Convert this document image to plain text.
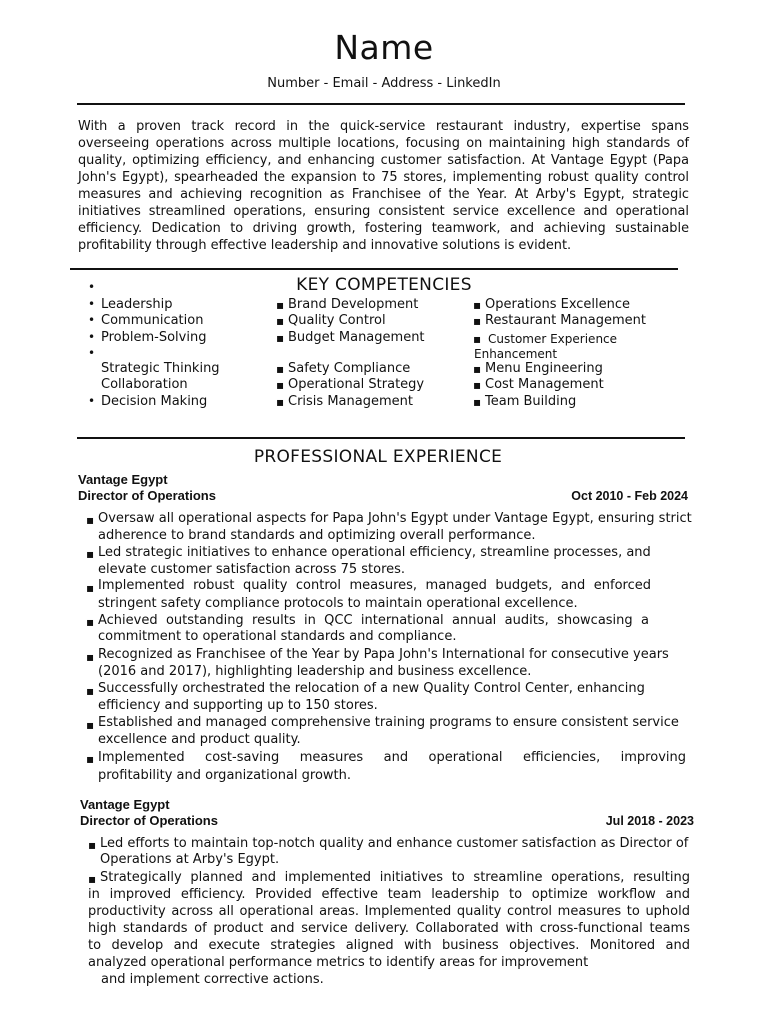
Name
Number - Email - Address - LinkedIn
With a proven track record in the quick-service restaurant industry, expertise spans overseeing operations across multiple locations, focusing on maintaining high standards of quality, optimizing efficiency, and enhancing customer satisfaction. At Vantage Egypt (Papa John's Egypt), spearheaded the expansion to 75 stores, implementing robust quality control measures and achieving recognition as Franchisee of the Year. At Arby's Egypt, strategic initiatives streamlined operations, ensuring consistent service excellence and operational efficiency. Dedication to driving growth, fostering teamwork, and achieving sustainable profitability through effective leadership and innovative solutions is evident.
KEY COMPETENCIES
•
• Leadership
• Communication
• Problem-Solving
•
Strategic Thinking
Collaboration
• Decision Making
▪ Brand Development
▪ Quality Control
▪ Budget Management
▪ Safety Compliance
▪ Operational Strategy
▪ Crisis Management
▪ Operations Excellence
▪ Restaurant Management
▪ Customer Experience
Enhancement
▪ Menu Engineering
▪ Cost Management
▪ Team Building
PROFESSIONAL EXPERIENCE
Vantage Egypt
Director of Operations	Oct 2010 - Feb 2024
▪ Oversaw all operational aspects for Papa John's Egypt under Vantage Egypt, ensuring strict
adherence to brand standards and optimizing overall performance.
▪ Led strategic initiatives to enhance operational efficiency, streamline processes, and
elevate customer satisfaction across 75 stores.
▪ Implemented robust quality control measures, managed budgets, and enforced
stringent safety compliance protocols to maintain operational excellence.
▪ Achieved outstanding results in QCC international annual audits, showcasing a
commitment to operational standards and compliance.
▪ Recognized as Franchisee of the Year by Papa John's International for consecutive years
(2016 and 2017), highlighting leadership and business excellence.
▪ Successfully orchestrated the relocation of a new Quality Control Center, enhancing
efficiency and supporting up to 150 stores.
▪ Established and managed comprehensive training programs to ensure consistent service
excellence and product quality.
▪ Implemented cost-saving measures and operational efficiencies, improving
profitability and organizational growth.
Vantage Egypt
Director of Operations	Jul 2018 - 2023
▪ Led efforts to maintain top-notch quality and enhance customer satisfaction as Director of
Operations at Arby's Egypt.
▪ Strategically planned and implemented initiatives to streamline operations, resulting
in improved efficiency. Provided effective team leadership to optimize workflow and
productivity across all operational areas. Implemented quality control measures to uphold
high standards of product and service delivery. Collaborated with cross-functional teams
to develop and execute strategies aligned with business objectives. Monitored and
analyzed operational performance metrics to identify areas for improvement
and implement corrective actions.
